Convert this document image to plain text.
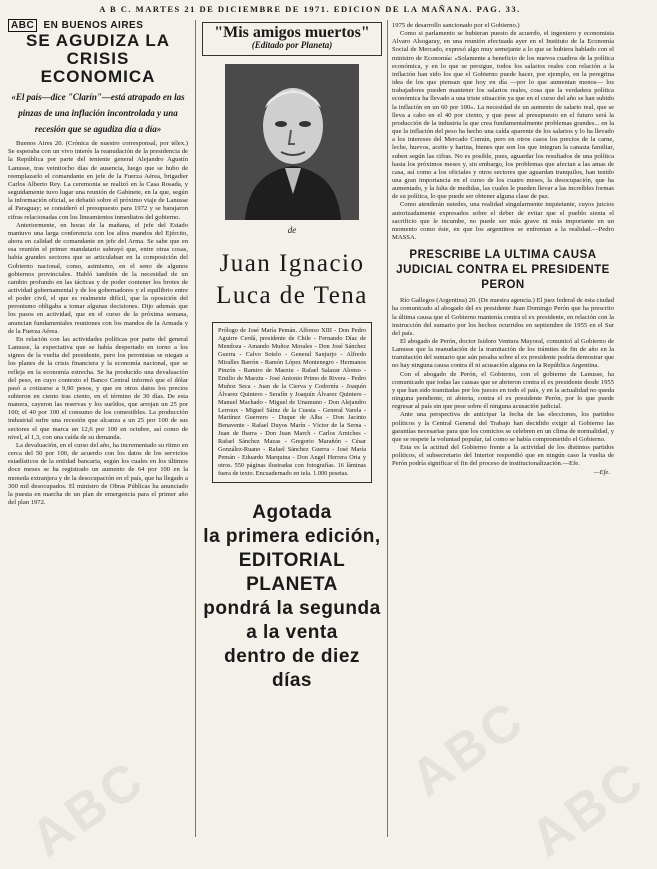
A B C. MARTES 21 DE DICIEMBRE DE 1971. EDICION DE LA MAÑANA. PAG. 33.
ABC EN BUENOS AIRES
SE AGUDIZA LA CRISIS ECONOMICA
«El país—dice "Clarín"—está atrapado en las pinzas de una inflación incontrolada y una recesión que se agudiza día a día»

Buenos Aires 20. (Crónica de nuestro corresponsal, por télex.) Se esperaba con un vivo interés la reanudación de la presidencia de la República por parte del teniente general Alejandro Agustín Lanusse, tras veintiocho días de ausencia, luego que se hubo de reemplazarlo el comandante en jefe de la Fuerza Aérea, brigadier Carlos Alberto Rey. La ceremonia se realizó en la Casa Rosada, y seguidamente tuvo lugar una reunión de Gabinete, en la que, según la información oficial, se debatió sobre el próximo viaje de Lanusse al Paraguay; se consideró el presupuesto para 1972 y se barajaron cifras relacionadas con los lineamientos inmediatos del gobierno.

Anteriormente, en horas de la mañana, el jefe del Estado mantuvo una larga conferencia con los altos mandos del Ejército, ahora en calidad de comandante en jefe del Arma. Se sabe que en esa reunión el primer mandatario subrayó que, entre otras cosas, había grandes sectores que se articulaban en la composición del Gobierno nacional, como, asimismo, en el seno de algunos gobiernos provinciales. Habló también de la necesidad de un cambio profundo en las tácticas y de poder contener los brotes de actividad gubernamental y de los gobernadores y el equilibrio entre el poder civil, el que es realmente difícil, que la oposición del peronismo obligaba a tomar algunas decisiones. Dijo además que los pasos en actividad, que en el curso de la próxima semana, anuncian fundamentales reuniones con los mandos de la Armada y de la Fuerza Aérea.

En relación con las actividades políticas por parte del general Lanusse, la expectativa que se había despertado en torno a los signos de la vuelta del presidente, pero los peronistas se niegan a los planes de la crisis financiera y la economía nacional, que se refleja en la economía estrecha. Se ha producido una devaluación del peso, en cuyo contexto el Banco Central informó que el dólar pasó a cotizarse a 9,90 pesos, y que en otros datos los precios subieron en ciento tras ciento, en el término de 30 días. De esta manera, cayeron las reservas y los sueldos, que arrojan un 25 por 100; el 40 por 100 el consumo de los comestibles. La producción industrial sufre una recesión que alcanza a un 25 por 100 de sus sectores el que marca un 12,6 por 100 en octubre, así como de nivel, al 1,3, con una caída de su demanda.

La devaluación, en el curso del año, ha incrementado su ritmo en cerca del 50 por 100, de acuerdo con los datos de los servicios estadísticos de la entidad bancaria, según los cuales en los últimos doce meses se ha registrado un aumento de 64 por 100 en la moneda extranjera y de la desocupación en el país, que ha llegado a 300 mil desocupados. El ministro de Obras Públicas ha anunciado la puesta en marcha de un plan de emergencia para el primer año del plan 1972.

"Mis amigos muertos"
(Editado por Planeta)
de
Juan Ignacio
Luca de Tena
Prólogo de José María Pemán. Alfonso XIII - Don Pedro Aguirre Cerdá, presidente de Chile - Fernando Díaz de Mendoza - Amando Muñoz Morales - Don José Sánchez Guerra - Calvo Sotelo - General Sanjurjo - Alfredo Miralles Barrón - Ramón López Montenegro - Hermanos Pinzón - Ramiro de Maeztu - Rafael Salazar Alonso - Emilio de Maeztu - José Antonio Primo de Rivera - Pedro Muñoz Seca - Juan de la Cierva y Codorníu - Joaquín Álvarez Quintero - Serafín y Joaquín Álvarez Quintero - Manuel Machado - Miguel de Unamuno - Don Alejandro Lerroux - Miguel Sáinz de la Cuesta - General Varela - Martínez Guerrero - Duque de Alba - Don Jacinto Benavente - Rafael Duyos Marín - Víctor de la Serna - Juan de Ibarra - Don Juan March - Carlos Arniches - Rafael Sánchez Mazas - Gregorio Marañón - César González-Ruano - Rafael Sánchez Guerra - José María Pemán - Eduardo Marquina - Don Angel Herrera Oria y otros. 550 páginas ilustradas con fotografías. 16 láminas fuera de texto. Encuadernado en tela. 1.000 pesetas.
Agotada
la primera edición,
EDITORIAL PLANETA
pondrá la segunda
a la venta
dentro de diez días

1975 de desarrollo sancionado por el Gobierno.)

Como si parlamento se hubieran puesto de acuerdo, el ingeniero y economista Alvaro Alsogaray, en una reunión efectuada ayer en el Instituto de la Economía Social de Mercado, expresó algo muy semejante a lo que se hubiera hablado con el ministro de Economía: «Solamente a beneficio de los nuevos cuadros de la política económica, y en lo que se persigue, todos los salarios reales con relación a la inflación han sido los que el Gobierno puede hacer, por ejemplo, en la peregrina idea de los que piensan que hoy en día —por lo que aumentan menos— los trabajadores pueden mantener los salarios reales, cosa que la verdadera política económica ha llevado a una triste situación ya que en el curso del año se han subido la inflación en un 60 por 100». La necesidad de un aumento de salario real, que se lleva a cabo en el 40 por ciento, y que pese al presupuesto en el futuro será la producción de la industria la que crea fundamentalmente problemas grandes... en la que la inflación del peso ha hecho una caída aparente de los salarios y lo ha llevado a los intereses del Mercado Común, pero en otros casos los precios de la carne, leche, huevos, aceite y harina, bienes que son los que integran la canasta familiar, suben según las cifras. No es posible, pues, aguardar los resultados de una política hasta los próximos meses y, sin embargo, los problemas que afectan a las amas de casa, así como a los oficiales y otros sectores que aguardan tranquilos, han tenido una gran importancia en el curso de los cuatro meses, la desocupación, que ha aumentado, y la falta de medidas, las cuales le pueden llevar a las increíbles formas de su política, lo que puede ser obtener alguna clase de paz.

Como atenderán ustedes, una realidad singularmente inquietante, cuyos juicios autorizadamente expresados sobre el deber de evitar que el pueblo sienta el sacrificio que le incumbe, no puede ser más grave ni más importante en un momento como éste, en que los argentinos se enfrentan a la realidad.—Pedro MASSA.

PRESCRIBE LA ULTIMA CAUSA JUDICIAL CONTRA EL PRESIDENTE PERON

Río Gallegos (Argentina) 20. (De nuestra agencia.) El juez federal de esta ciudad ha comunicado al abogado del ex presidente Juan Domingo Perón que ha prescrito la última causa que el Gobierno mantenía contra el ex presidente, en relación con la instrucción del sumario por los hechos ocurridos en septiembre de 1955 en el Sur del país.

El abogado de Perón, doctor Isidoro Ventura Mayoral, comunicó al Gobierno de Lanusse que la reanudación de la tramitación de los trámites de fin de año en la tramitación del sumario que aún pesaba sobre el ex presidente podría demostrar que no hay ninguna causa contra él ni acusación alguna en la República Argentina.

Con el abogado de Perón, el Gobierno, con el gobierno de Lanusse, ha comunicado que todas las causas que se abrieron contra el ex presidente desde 1955 y que han sido tramitadas por los jueces en todo el país, y en la actualidad no queda ninguna pendiente, ni abierta, contra el ex presidente Perón, por lo que puede regresar al país sin que pese sobre él ninguna acusación judicial.

Ante una perspectiva de anticipar la fecha de las elecciones, los partidos políticos y la Central General del Trabajo han decidido exigir al Gobierno las garantías necesarias para que los comicios se celebren en un clima de normalidad, y que se respete la voluntad popular, tal como se había comprometido el Gobierno.

Esta es la actitud del Gobierno frente a la actividad de los distintos partidos políticos, el subsecretario del Interior respondió que en ningún caso la vuelta de Perón podría significar el fin del proceso de institucionalización.—Efe.

—Efe.
ABC
ABC
ABC
